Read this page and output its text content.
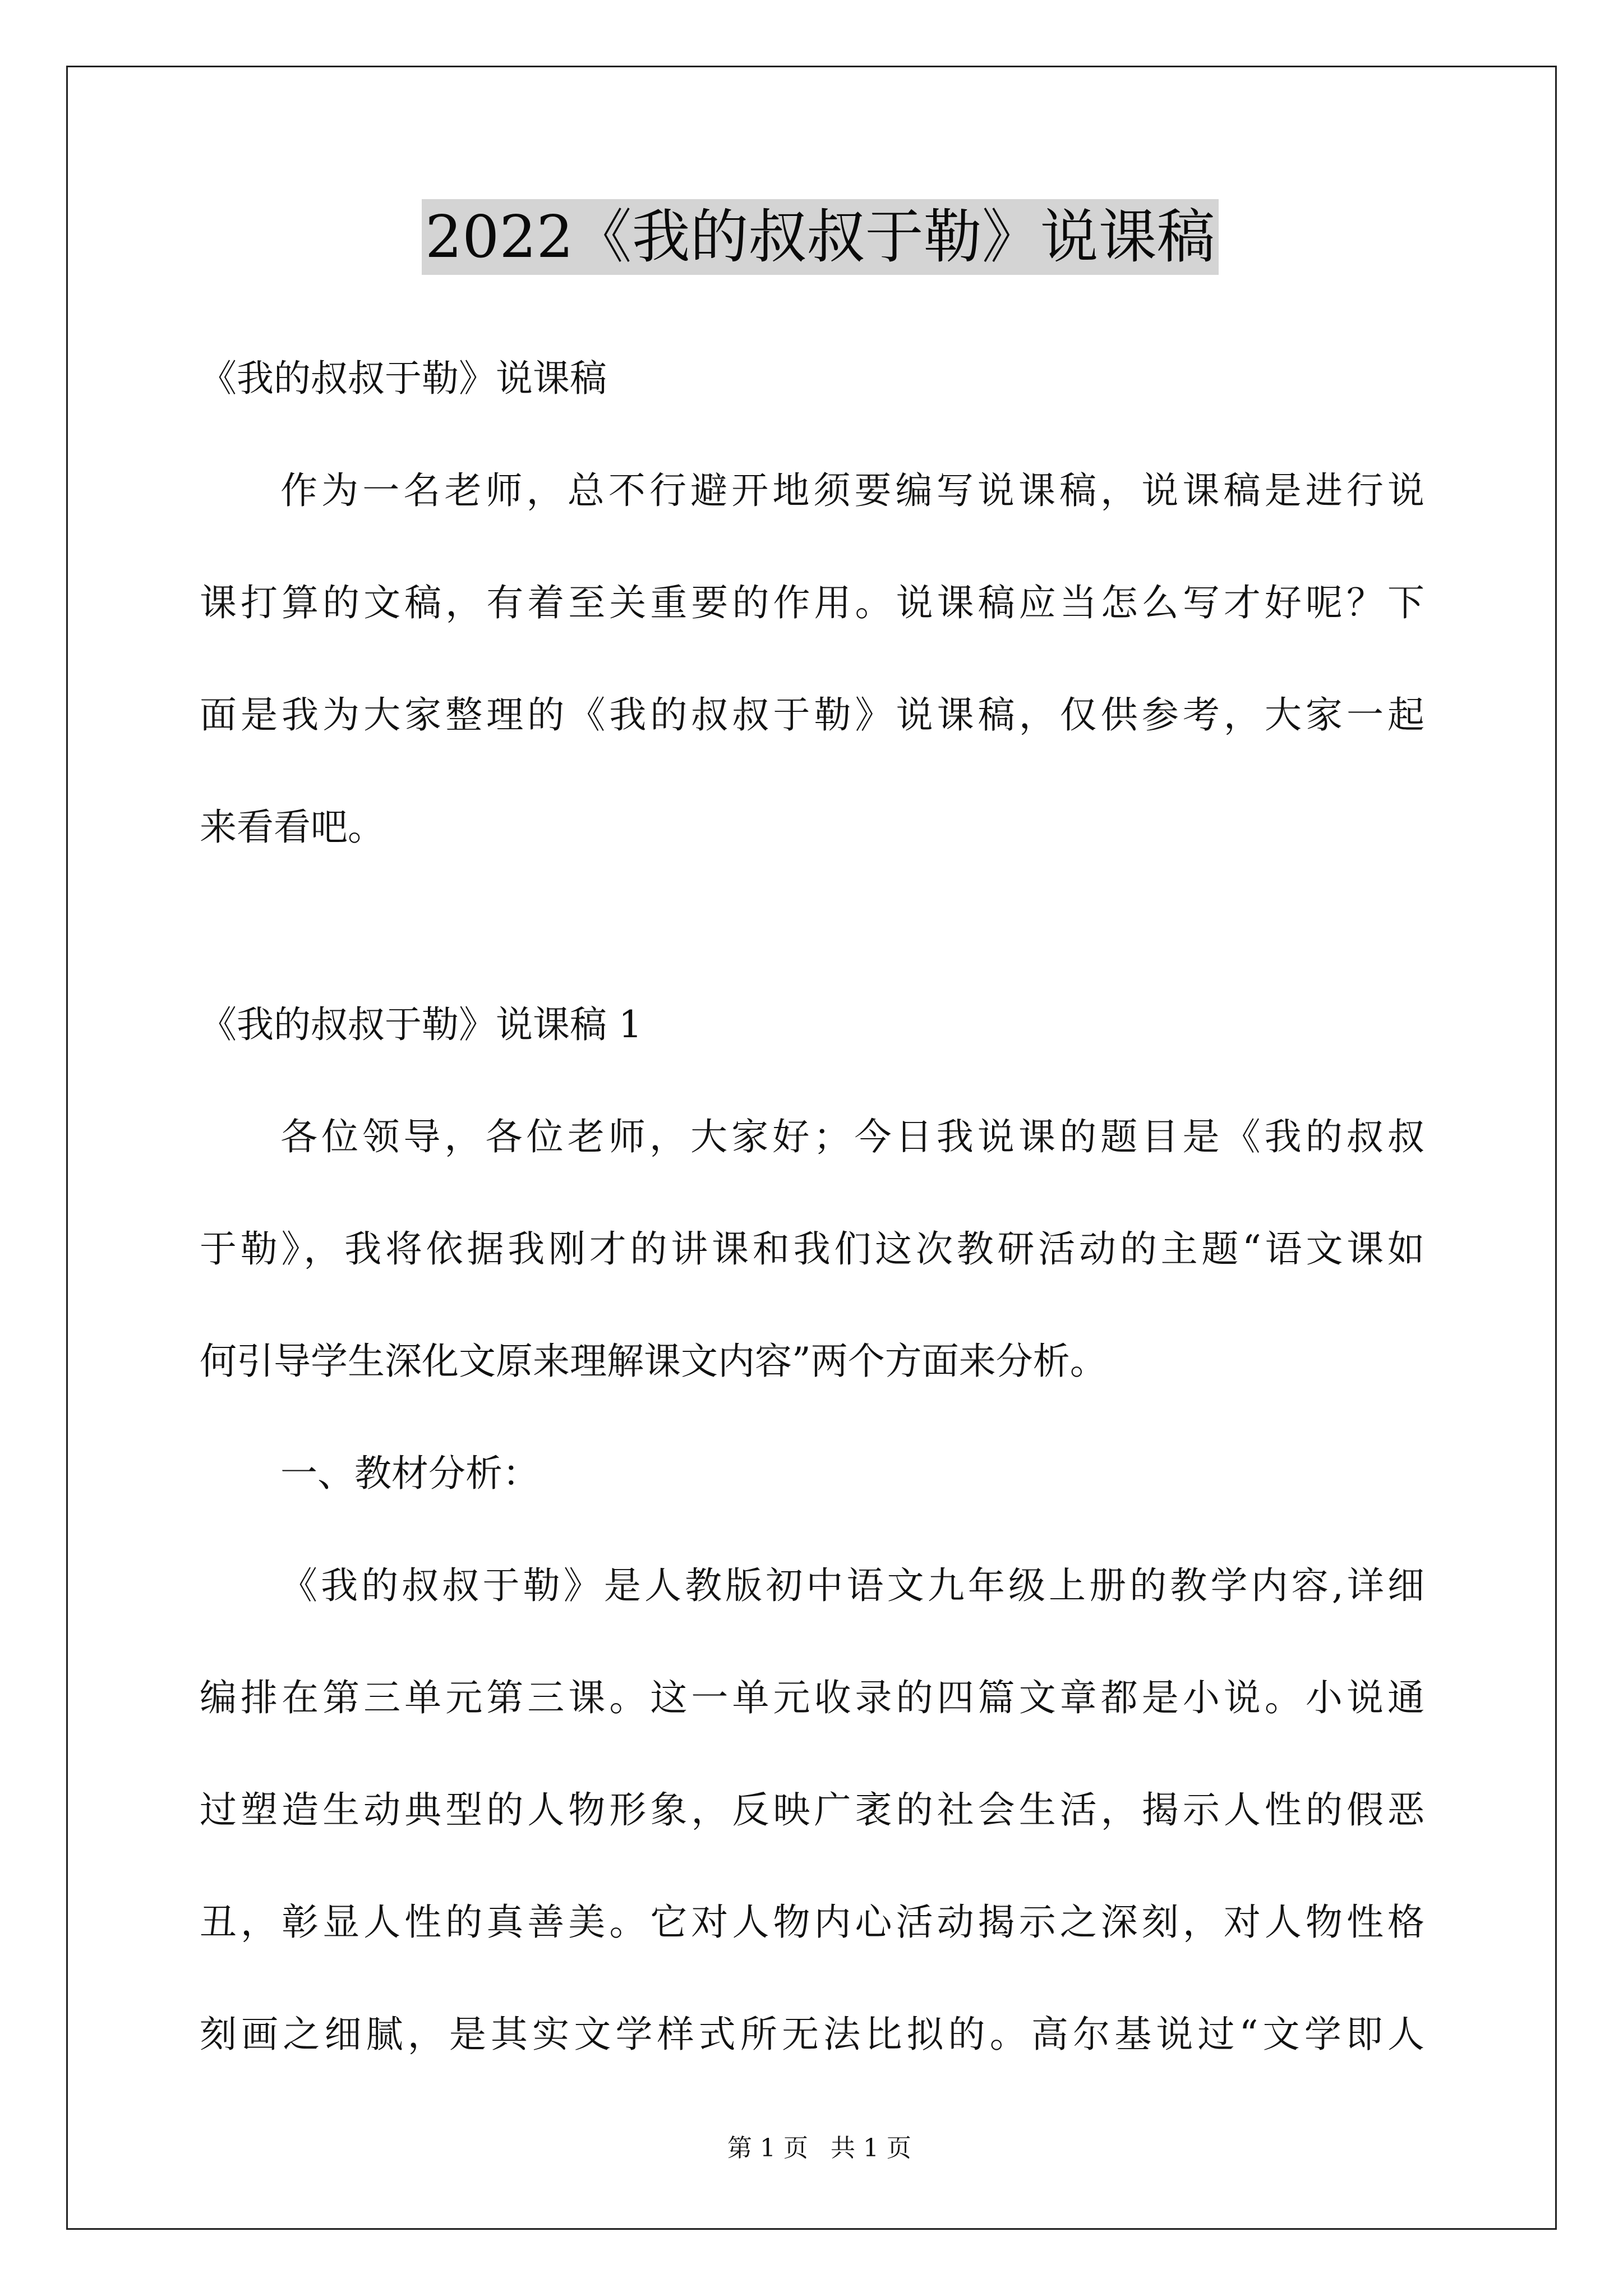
2022《我的叔叔于勒》说课稿
《我的叔叔于勒》说课稿
作为一名老师，总不行避开地须要编写说课稿，说课稿是进行说
课打算的文稿，有着至关重要的作用。说课稿应当怎么写才好呢？下
面是我为大家整理的《我的叔叔于勒》说课稿，仅供参考，大家一起
来看看吧。
《我的叔叔于勒》说课稿 1
各位领导，各位老师，大家好；今日我说课的题目是《我的叔叔
于勒》，我将依据我刚才的讲课和我们这次教研活动的主题“语文课如
何引导学生深化文原来理解课文内容”两个方面来分析。
一、教材分析：
《我的叔叔于勒》是人教版初中语文九年级上册的教学内容,详细
编排在第三单元第三课。这一单元收录的四篇文章都是小说。小说通
过塑造生动典型的人物形象，反映广袤的社会生活，揭示人性的假恶
丑，彰显人性的真善美。它对人物内心活动揭示之深刻，对人物性格
刻画之细腻，是其实文学样式所无法比拟的。高尔基说过“文学即人
第 1 页 共 1 页
